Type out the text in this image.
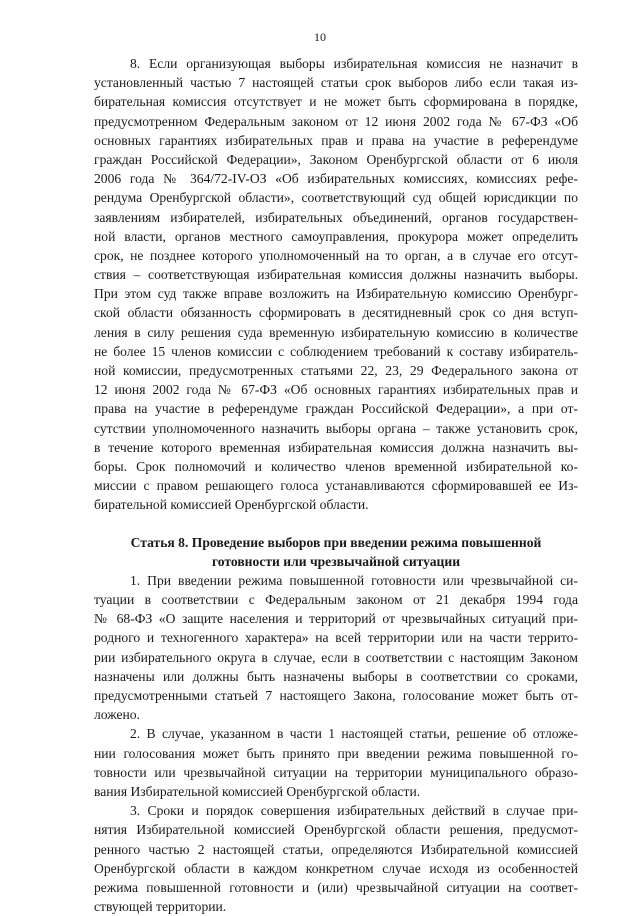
10
8. Если организующая выборы избирательная комиссия не назначит в
установленный частью 7 настоящей статьи срок выборов либо если такая из-
бирательная комиссия отсутствует и не может быть сформирована в порядке,
предусмотренном Федеральным законом от 12 июня 2002 года № 67-ФЗ «Об
основных гарантиях избирательных прав и права на участие в референдуме
граждан Российской Федерации», Законом Оренбургской области от 6 июля
2006 года № 364/72-IV-ОЗ «Об избирательных комиссиях, комиссиях рефе-
рендума Оренбургской области», соответствующий суд общей юрисдикции по
заявлениям избирателей, избирательных объединений, органов государствен-
ной власти, органов местного самоуправления, прокурора может определить
срок, не позднее которого уполномоченный на то орган, а в случае его отсут-
ствия – соответствующая избирательная комиссия должны назначить выборы.
При этом суд также вправе возложить на Избирательную комиссию Оренбург-
ской области обязанность сформировать в десятидневный срок со дня вступ-
ления в силу решения суда временную избирательную комиссию в количестве
не более 15 членов комиссии с соблюдением требований к составу избиратель-
ной комиссии, предусмотренных статьями 22, 23, 29 Федерального закона от
12 июня 2002 года № 67-ФЗ «Об основных гарантиях избирательных прав и
права на участие в референдуме граждан Российской Федерации», а при от-
сутствии уполномоченного назначить выборы органа – также установить срок,
в течение которого временная избирательная комиссия должна назначить вы-
боры. Срок полномочий и количество членов временной избирательной ко-
миссии с правом решающего голоса устанавливаются сформировавшей ее Из-
бирательной комиссией Оренбургской области.
Статья 8. Проведение выборов при введении режима повышенной
готовности или чрезвычайной ситуации
1. При введении режима повышенной готовности или чрезвычайной си-
туации в соответствии с Федеральным законом от 21 декабря 1994 года
№ 68-ФЗ «О защите населения и территорий от чрезвычайных ситуаций при-
родного и техногенного характера» на всей территории или на части террито-
рии избирательного округа в случае, если в соответствии с настоящим Законом
назначены или должны быть назначены выборы в соответствии со сроками,
предусмотренными статьей 7 настоящего Закона, голосование может быть от-
ложено.
2. В случае, указанном в части 1 настоящей статьи, решение об отложе-
нии голосования может быть принято при введении режима повышенной го-
товности или чрезвычайной ситуации на территории муниципального образо-
вания Избирательной комиссией Оренбургской области.
3. Сроки и порядок совершения избирательных действий в случае при-
нятия Избирательной комиссией Оренбургской области решения, предусмот-
ренного частью 2 настоящей статьи, определяются Избирательной комиссией
Оренбургской области в каждом конкретном случае исходя из особенностей
режима повышенной готовности и (или) чрезвычайной ситуации на соответ-
ствующей территории.
